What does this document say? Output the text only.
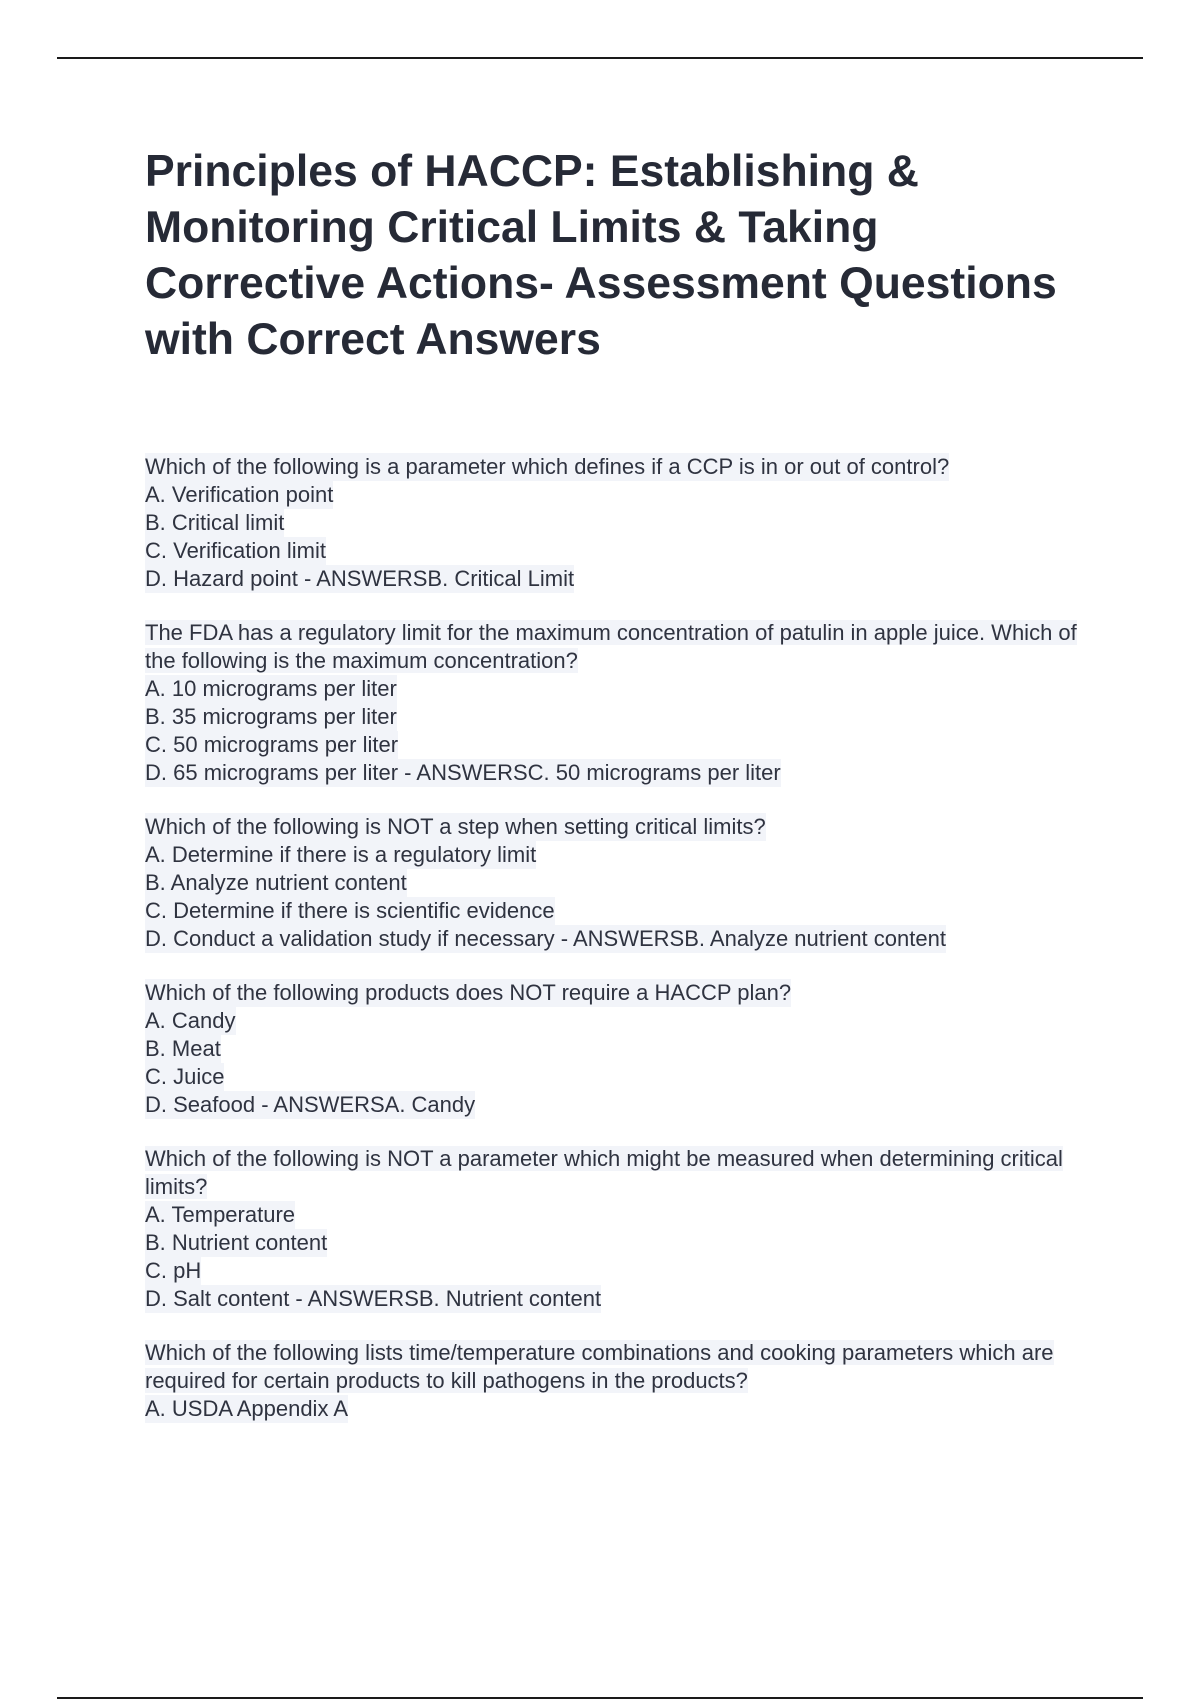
Principles of HACCP: Establishing & Monitoring Critical Limits & Taking Corrective Actions- Assessment Questions with Correct Answers
Which of the following is a parameter which defines if a CCP is in or out of control?
A. Verification point
B. Critical limit
C. Verification limit
D. Hazard point - ANSWERSB. Critical Limit
The FDA has a regulatory limit for the maximum concentration of patulin in apple juice. Which of the following is the maximum concentration?
A. 10 micrograms per liter
B. 35 micrograms per liter
C. 50 micrograms per liter
D. 65 micrograms per liter - ANSWERSC. 50 micrograms per liter
Which of the following is NOT a step when setting critical limits?
A. Determine if there is a regulatory limit
B. Analyze nutrient content
C. Determine if there is scientific evidence
D. Conduct a validation study if necessary - ANSWERSB. Analyze nutrient content
Which of the following products does NOT require a HACCP plan?
A. Candy
B. Meat
C. Juice
D. Seafood - ANSWERSA. Candy
Which of the following is NOT a parameter which might be measured when determining critical limits?
A. Temperature
B. Nutrient content
C. pH
D. Salt content - ANSWERSB. Nutrient content
Which of the following lists time/temperature combinations and cooking parameters which are required for certain products to kill pathogens in the products?
A. USDA Appendix A
